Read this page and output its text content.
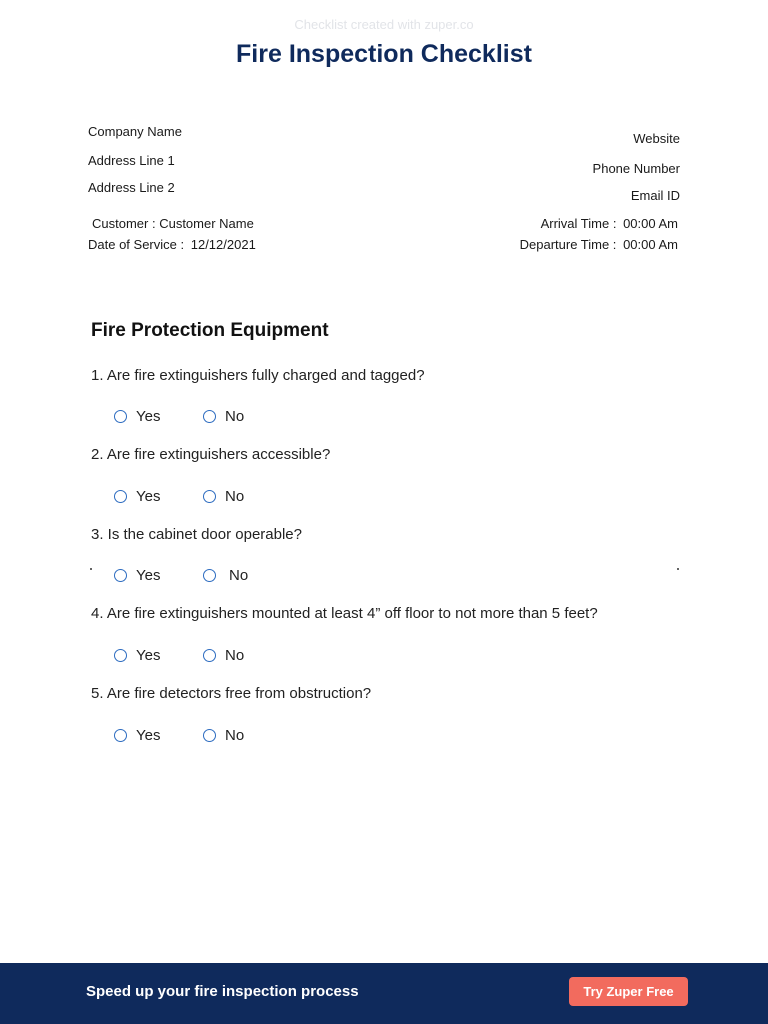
Checklist created with zuper.co
Fire Inspection Checklist
Company Name
Address Line 1
Address Line 2
Website
Phone Number
Email ID
Customer : Customer Name
Date of Service : 12/12/2021
Arrival Time : 00:00 Am
Departure Time : 00:00 Am
Fire Protection Equipment
1. Are fire extinguishers fully charged and tagged?
Yes	No
2. Are fire extinguishers accessible?
Yes	No
3. Is the cabinet door operable?
Yes	No
4. Are fire extinguishers mounted at least 4” off floor to not more than 5 feet?
Yes	No
5. Are fire detectors free from obstruction?
Yes	No
Speed up your fire inspection process	Try Zuper Free
